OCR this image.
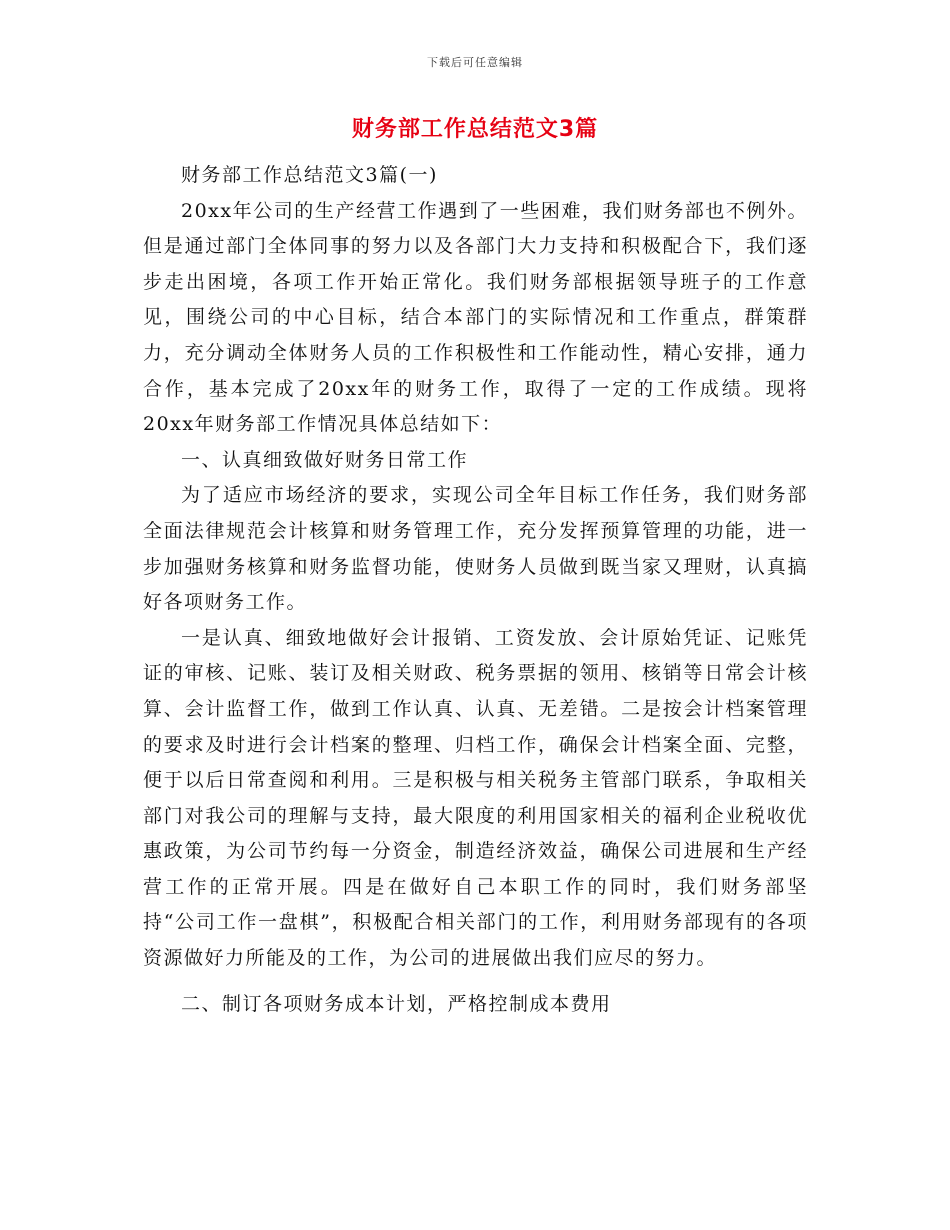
下载后可任意编辑
财务部工作总结范文3篇

财务部工作总结范文3篇(一)

20xx年公司的生产经营工作遇到了一些困难，我们财务部也不例外。但是通过部门全体同事的努力以及各部门大力支持和积极配合下，我们逐步走出困境，各项工作开始正常化。我们财务部根据领导班子的工作意见，围绕公司的中心目标，结合本部门的实际情况和工作重点，群策群力，充分调动全体财务人员的工作积极性和工作能动性，精心安排，通力合作，基本完成了20xx年的财务工作，取得了一定的工作成绩。现将20xx年财务部工作情况具体总结如下：

一、认真细致做好财务日常工作

为了适应市场经济的要求，实现公司全年目标工作任务，我们财务部全面法律规范会计核算和财务管理工作，充分发挥预算管理的功能，进一步加强财务核算和财务监督功能，使财务人员做到既当家又理财，认真搞好各项财务工作。

一是认真、细致地做好会计报销、工资发放、会计原始凭证、记账凭证的审核、记账、装订及相关财政、税务票据的领用、核销等日常会计核算、会计监督工作，做到工作认真、认真、无差错。二是按会计档案管理的要求及时进行会计档案的整理、归档工作，确保会计档案全面、完整，便于以后日常查阅和利用。三是积极与相关税务主管部门联系，争取相关部门对我公司的理解与支持，最大限度的利用国家相关的福利企业税收优惠政策，为公司节约每一分资金，制造经济效益，确保公司进展和生产经营工作的正常开展。四是在做好自己本职工作的同时，我们财务部坚持“公司工作一盘棋”，积极配合相关部门的工作，利用财务部现有的各项资源做好力所能及的工作，为公司的进展做出我们应尽的努力。

二、制订各项财务成本计划，严格控制成本费用
